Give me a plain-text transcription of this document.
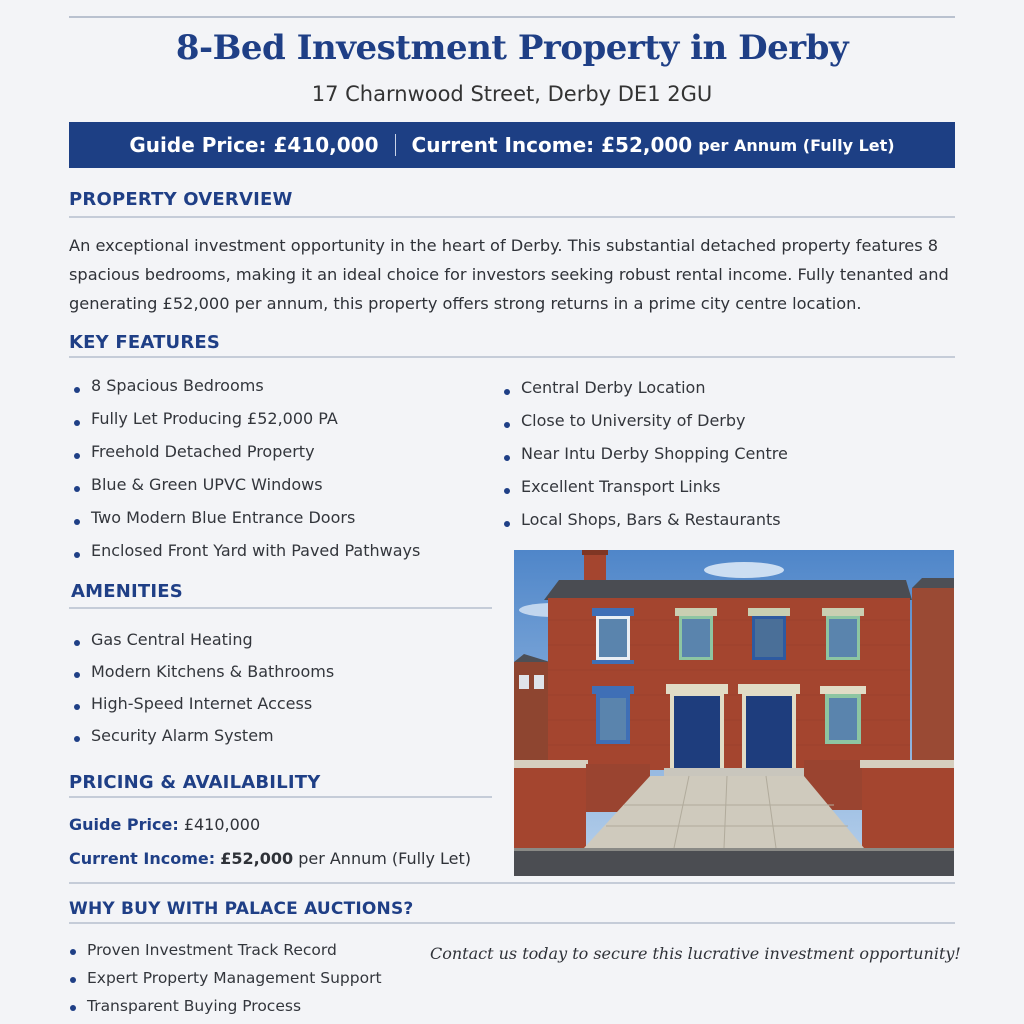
8-Bed Investment Property in Derby
17 Charnwood Street, Derby DE1 2GU
Guide Price: £410,000 Current Income: £52,000 per Annum (Fully Let)
PROPERTY OVERVIEW
An exceptional investment opportunity in the heart of Derby. This substantial detached property features 8 spacious bedrooms, making it an ideal choice for investors seeking robust rental income. Fully tenanted and generating £52,000 per annum, this property offers strong returns in a prime city centre location.
KEY FEATURES
8 Spacious Bedrooms
Fully Let Producing £52,000 PA
Freehold Detached Property
Blue & Green UPVC Windows
Two Modern Blue Entrance Doors
Enclosed Front Yard with Paved Pathways
Central Derby Location
Close to University of Derby
Near Intu Derby Shopping Centre
Excellent Transport Links
Local Shops, Bars & Restaurants
AMENITIES
Gas Central Heating
Modern Kitchens & Bathrooms
High-Speed Internet Access
Security Alarm System
PRICING & AVAILABILITY
Guide Price: £410,000
Current Income: £52,000 per Annum (Fully Let)
WHY BUY WITH PALACE AUCTIONS?
Proven Investment Track Record
Expert Property Management Support
Transparent Buying Process
Contact us today to secure this lucrative investment opportunity!
